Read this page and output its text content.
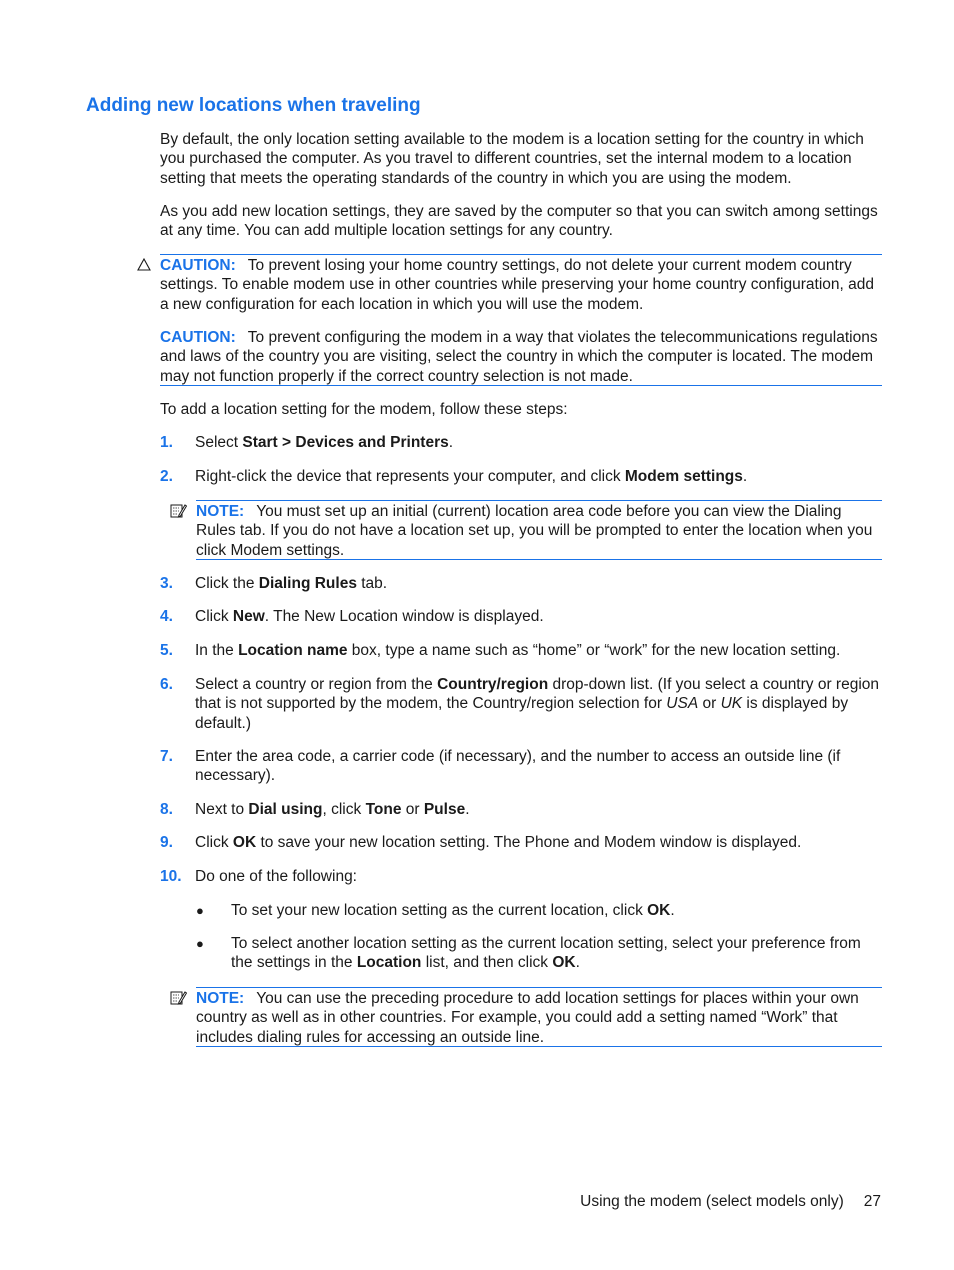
Adding new locations when traveling

By default, the only location setting available to the modem is a location setting for the country in which you purchased the computer. As you travel to different countries, set the internal modem to a location setting that meets the operating standards of the country in which you are using the modem.

As you add new location settings, they are saved by the computer so that you can switch among settings at any time. You can add multiple location settings for any country.

CAUTION: To prevent losing your home country settings, do not delete your current modem country settings. To enable modem use in other countries while preserving your home country configuration, add a new configuration for each location in which you will use the modem.

CAUTION: To prevent configuring the modem in a way that violates the telecommunications regulations and laws of the country you are visiting, select the country in which the computer is located. The modem may not function properly if the correct country selection is not made.

To add a location setting for the modem, follow these steps:

1. Select Start > Devices and Printers.
2. Right-click the device that represents your computer, and click Modem settings.

NOTE: You must set up an initial (current) location area code before you can view the Dialing Rules tab. If you do not have a location set up, you will be prompted to enter the location when you click Modem settings.

3. Click the Dialing Rules tab.
4. Click New. The New Location window is displayed.
5. In the Location name box, type a name such as “home” or “work” for the new location setting.
6. Select a country or region from the Country/region drop-down list. (If you select a country or region that is not supported by the modem, the Country/region selection for USA or UK is displayed by default.)
7. Enter the area code, a carrier code (if necessary), and the number to access an outside line (if necessary).
8. Next to Dial using, click Tone or Pulse.
9. Click OK to save your new location setting. The Phone and Modem window is displayed.
10. Do one of the following:
● To set your new location setting as the current location, click OK.
● To select another location setting as the current location setting, select your preference from the settings in the Location list, and then click OK.

NOTE: You can use the preceding procedure to add location settings for places within your own country as well as in other countries. For example, you could add a setting named “Work” that includes dialing rules for accessing an outside line.

Using the modem (select models only) 27
